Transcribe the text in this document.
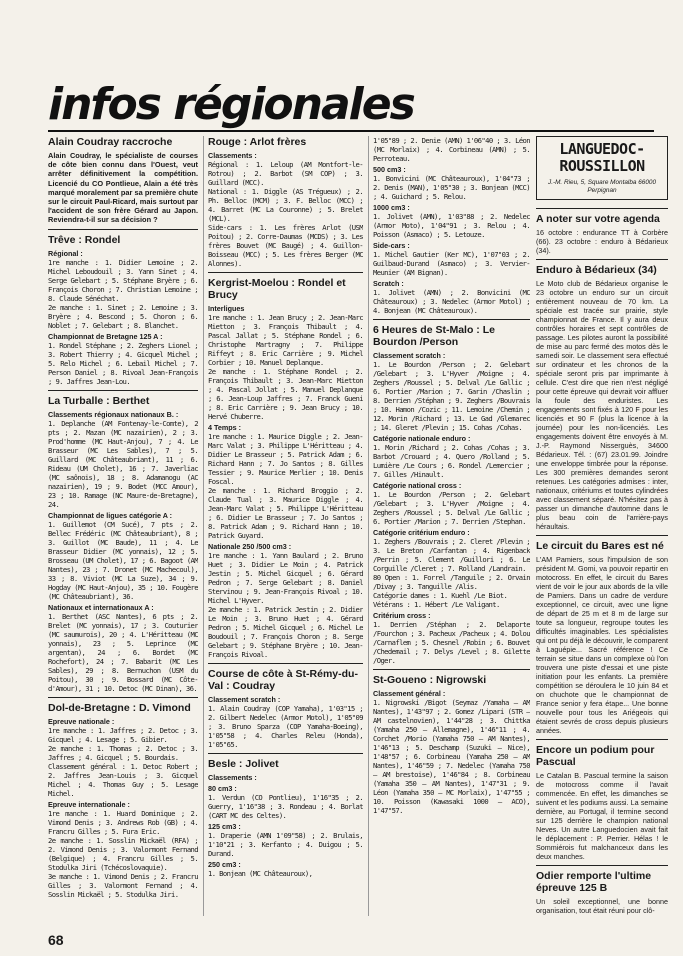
infos régionales
Alain Coudray raccroche

Alain Coudray, le spécialiste de courses de côte bien connu dans l'Ouest, veut arrêter définitivement la compétition. Licencié du CO Pontlieue, Alain a été très marqué moralement par sa première chute sur le circuit Paul-Ricard, mais surtout par l'accident de son frère Gérard au Japon. Reviendra-t-il sur sa décision ?

Trêve : Rondel
Régional :

1re manche : 1. Didier Lemoine ; 2. Michel Leboudouil ; 3. Yann Sinet ; 4. Serge Gelebart ; 5. Stéphane Bryère ; 6. François Choron ; 7. Christian Lemoine ; 8. Claude Sénéchat.

2e manche : 1. Sinet ; 2. Lemoine ; 3. Bryère ; 4. Bescond ; 5. Choron ; 6. Noblet ; 7. Gelebart ; 8. Blanchet.

Championnat de Bretagne 125 A :

1. Rondel Stéphane ; 2. Zeghers Lionel ; 3. Robert Thierry ; 4. Gicquel Michel ; 5. Relo Michel ; 6. Lebail Michel ; 7. Person Daniel ; 8. Rivoal Jean-François ; 9. Jaffres Jean-Lou.

La Turballe : Berthet
Classements régionaux nationaux B. :

1. Deplanche (AM Fontenay-le-Comte), 2 pts ; 2. Mazan (MC nazairien), 2 ; 3. Prod'homme (MC Haut-Anjou), 7 ; 4. Le Brasseur (MC Les Sables), 7 ; 5. Guillard (MC Châteaubriant), 11 ; 6. Rideau (UM Cholet), 16 ; 7. Javerliac (MC saônois), 18 ; 8. Adamanogu (AC nazairien), 19 ; 9. Bodet (MCC Amour), 23 ; 10. Ramage (NC Maure-de-Bretagne), 24.

Championnat de ligues catégorie A :

1. Guillemot (CM Sucé), 7 pts ; 2. Bellec Frédéric (MC Châteaubriant), 8 ; 3. Guillot (MC Baude), 11 ; 4. Le Brasseur Didier (MC yonnais), 12 ; 5. Brosseau (UM Cholet), 17 ; 6. Bagoot (AM Nantes), 23 ; 7. Dronet (MC Machecoul), 33 ; 8. Viviot (MC La Suze), 34 ; 9. Hogday (MC Haut-Anjou), 35 ; 10. Fougère (MC Châteaubriant), 36.

Nationaux et internationaux A :

1. Berthet (ASC Nantes), 6 pts ; 2. Brelet (MC yonnais), 17 ; 3. Couturier (MC saumurois), 20 ; 4. L'Héritteau (MC yonnais), 23 ; 5. Leprince (MC argentan), 24 ; 6. Bordet (MC Rochefort), 24 ; 7. Babarit (MC Les Sables), 29 ; 8. Bernuchon (USM du Poitou), 30 ; 9. Bossard (MC Côte-d'Amour), 31 ; 10. Detoc (MC Dinan), 36.

Dol-de-Bretagne : D. Vimond
Epreuve nationale :

1re manche : 1. Jaffres ; 2. Detoc ; 3. Gicquel ; 4. Lesage ; 5. Gibier.

2e manche : 1. Thomas ; 2. Detoc ; 3. Jaffres ; 4. Gicquel ; 5. Bourdais.

Classement général : 1. Detoc Robert ; 2. Jaffres Jean-Louis ; 3. Gicquel Michel ; 4. Thomas Guy ; 5. Lesage Michel.

Epreuve internationale :

1re manche : 1. Huard Dominique ; 2. Vimond Denis ; 3. Andrews Rob (GB) ; 4. Francru Gilles ; 5. Fura Eric.

2e manche : 1. Sosslin Mickaël (RFA) ; 2. Vimond Denis ; 3. Valormont Fernand (Belgique) ; 4. Francru Gilles ; 5. Stodulka Jiri (Tchécoslovaquie).

3e manche : 1. Vimond Denis ; 2. Francru Gilles ; 3. Valormont Fernand ; 4. Sosslin Mickaël ; 5. Stodulka Jiri.

Rouge : Arlot frères
Classements :

Régional : 1. Leloup (AM Montfort-le-Rotrou) ; 2. Barbot (SM COP) ; 3. Guillard (MCC).

National : 1. Diggle (AS Trégueux) ; 2. Ph. Belloc (MCM) ; 3. F. Belloc (MCC) ; 4. Barret (MC La Couronne) ; 5. Brelet (MCL).

Side-cars : 1. Les frères Arlot (USM Poitou) ; 2. Corre-Daumas (MCDS) ; 3. Les frères Bouvet (MC Baugé) ; 4. Guillon-Boisseau (MCC) ; 5. Les frères Berger (MC Alonnes).

Kergrist-Moelou : Rondel et Brucy
Interligues

1re manche : 1. Jean Brucy ; 2. Jean-Marc Mietton ; 3. François Thibault ; 4. Pascal Jallat ; 5. Stéphane Rondel ; 6. Christophe Martragny ; 7. Philippe Riffeyt ; 8. Eric Carrière ; 9. Michel Corbier ; 10. Manuel Deplanque.

2e manche : 1. Stéphane Rondel ; 2. François Thibault ; 3. Jean-Marc Mietton ; 4. Pascal Jollat ; 5. Manuel Deplanque ; 6. Jean-Loup Jaffres ; 7. Franck Gueni ; 8. Eric Carrière ; 9. Jean Brucy ; 10. Hervé Chuberre.

4 Temps :

1re manche : 1. Maurice Diggle ; 2. Jean-Marc Valat ; 3. Philippe L'Héritteau ; 4. Didier Le Brasseur ; 5. Patrick Adam ; 6. Richard Hann ; 7. Jo Santos ; 8. Gilles Tessier ; 9. Maurice Merlier ; 10. Denis Foscal.

2e manche : 1. Richard Broggio ; 2. Claude Tual ; 3. Maurice Diggle ; 4. Jean-Marc Valat ; 5. Philippe L'Héritteau ; 6. Didier Le Brasseur ; 7. Jo Santos ; 8. Patrick Adam ; 9. Richard Hann ; 10. Patrick Guyard.

Nationale 250 /500 cm3 :

1re manche : 1. Yann Baulard ; 2. Bruno Huet ; 3. Didier Le Moin ; 4. Patrick Jestin ; 5. Michel Gicquel ; 6. Gérard Pedron ; 7. Serge Gelebart ; 8. Daniel Stervinou ; 9. Jean-François Rivoal ; 10. Michel L'Hyver.

2e manche : 1. Patrick Jestin ; 2. Didier Le Moin ; 3. Bruno Huet ; 4. Gérard Pedron ; 5. Michel Gicquel ; 6. Michel Le Boudouil ; 7. François Choron ; 8. Serge Gelebart ; 9. Stéphane Bryère ; 10. Jean-François Rivoal.

Course de côte à St-Rémy-du-Val : Coudray
Classement scratch :

1. Alain Coudray (COP Yamaha), 1'03"15 ; 2. Gilbert Nedelec (Armor Motol), 1'05"09 ; 3. Bruno Sparza (COP Yamaha-Boeing), 1'05"58 ; 4. Charles Releu (Honda), 1'05"65.

Besle : Jolivet
Classements :
80 cm3 :

1. Verdun (CO Pontlieu), 1'16"35 ; 2. Guerry, 1'16"38 ; 3. Rondeau ; 4. Borlat (CART MC des Celtes).

125 cm3 :

1. Draperie (AMN 1'09"58) ; 2. Brulais, 1'10"21 ; 3. Kerfanto ; 4. Duigou ; 5. Durand.

250 cm3 :

1. Bonjean (MC Châteauroux),

1'05"89 ; 2. Denie (AMN) 1'06"40 ; 3. Léon (MC Morlaix) ; 4. Corbineau (AMN) ; 5. Perroteau.

500 cm3 :

1. Bonvicini (MC Châteauroux), 1'04"73 ; 2. Denis (MAN), 1'05"30 ; 3. Bonjean (MCC) ; 4. Guichard ; 5. Relou.

1000 cm3 :

1. Jolivet (AMN), 1'03"88 ; 2. Nedelec (Armor Moto), 1'04"91 ; 3. Relou ; 4. Poisson (Asmaco) ; 5. Letouze.

Side-cars :

1. Michel Gautier (Ker MC), 1'07"03 ; 2. Guilbaud-Durand (Asmaco) ; 3. Vervier-Meunier (AM Bignan).

Scratch :

1. Jolivet (AMN) ; 2. Bonvicini (MC Châteauroux) ; 3. Nedelec (Armor Motol) ; 4. Bonjean (MC Châteauroux).

6 Heures de St-Malo : Le Bourdon /Person
Classement scratch :

1. Le Bourdon /Person ; 2. Gelebart /Gelebart ; 3. L'Hyver /Moigne ; 4. Zeghers /Roussel ; 5. Delval /Le Gallic ; 6. Portier /Marion ; 7. Garin /Chaslin ; 8. Derrien /Stéphan ; 9. Zeghers /Bouvrais ; 10. Hamon /Cozic ; 11. Lemoine /Chemin ; 12. Morin /Richard ; 13. Le Gad /Glemarec ; 14. Gleret /Plevin ; 15. Cohas /Cohas.

Catégorie nationale enduro :

1. Morin /Richard ; 2. Cohas /Cohas ; 3. Barbot /Crouard ; 4. Quero /Rolland ; 5. Lumière /Le Cours ; 6. Rondel /Lemercier ; 7. Gilles /Hinault.

Catégorie national cross :

1. Le Bourdon /Person ; 2. Gelebart /Gelebart ; 3. L'Hyver /Moigne ; 4. Zeghers /Roussel ; 5. Delval /Le Gallic ; 6. Portier /Marion ; 7. Derrien /Stephan.

Catégorie critérium enduro :

1. Zeghers /Bouvrais ; 2. Cleret /Plevin ; 3. Le Breton /Carfantan ; 4. Rigenback /Perrin ; 5. Clement /Guillori ; 6. Le Corguille /Cleret ; 7. Rolland /Landrain.

80 Open : 1. Forrel /Tanguile ; 2. Orvain /Divay ; 3. Tanguille /Alis.

Catégorie dames : 1. Kuehl /Le Biot.

Vétérans : 1. Hébert /Le Valigant.

Critérium cross :

1. Derrien /Stéphan ; 2. Delaporte /Fourchon ; 3. Pacheux /Pacheux ; 4. Dolou /Carnaflem ; 5. Chesnel /Robin ; 6. Bouvet /Chedemail ; 7. Delys /Level ; 8. Gilette /Oger.

St-Goueno : Nigrowski
Classement général :

1. Nigrowski /Bigot (Seymaz /Yamaha — AM Nantes), 1'43"97 ; 2. Gomez /Lipari (STR — AM castelnovien), 1'44"28 ; 3. Chittka (Yamaha 250 — Allemagne), 1'46"11 ; 4. Corchet /Morio (Yamaha 750 — AM Nantes), 1'46"13 ; 5. Deschamp (Suzuki — Nice), 1'48"57 ; 6. Corbineau (Yamaha 250 — AM Nantes), 1'46"59 ; 7. Nedelec (Yamaha 750 — AM brestoise), 1'46"84 ; 8. Corbineau (Yamaha 350 — AM Nantes), 1'47"31 ; 9. Léon (Yamaha 350 — MC Morlaix), 1'47"55 ; 10. Poisson (Kawasaki 1000 — ACO), 1'47"57.

LANGUEDOC-ROUSSILLON
J.-M. Rieu, 5, Square Montalba 66000 Perpignan
A noter sur votre agenda

16 octobre : endurance TT à Corbère (66). 23 octobre : enduro à Bédarieux (34).

Enduro à Bédarieux (34)

Le Moto club de Bédarieux organise le 23 octobre un enduro sur un circuit entièrement nouveau de 70 km. La spéciale est tracée sur prairie, style championnat de France. Il y aura deux contrôles horaires et sept contrôles de passage. Les pilotes auront la possibilité de mise au parc fermé des motos dès le samedi soir. Le classement sera effectué sur ordinateur et les chronos de la spéciale seront pris par imprimante à cellule. C'est dire que rien n'est négligé pour cette épreuve qui devrait voir affluer la foule des enduristes. Les engagements sont fixés à 120 F pour les licenciés et 90 F (plus la licence à la journée) pour les non-licenciés. Les engagements doivent être envoyés à M. J.-P. Raymond Nisserguès, 34600 Bédarieux. Tél. : (67) 23.01.99. Joindre une enveloppe timbrée pour la réponse. Les 300 premières demandes seront retenues. Les catégories admises : inter, nationaux, critériums et toutes cylindrées avec classement séparé. N'hésitez pas à passer un dimanche d'automne dans le plus beau coin de l'arrière-pays héraultais.

Le circuit du Bares est né

L'AM Pamiers, sous l'impulsion de son président M. Gomi, va pouvoir repartir en motocross. En effet, le circuit du Bares vient de voir le jour aux abords de la ville de Pamiers. Dans un cadre de verdure exceptionnel, ce circuit, avec une ligne de départ de 25 m et 8 m de large sur toute sa longueur, regroupe toutes les difficultés imaginables. Les spécialistes qui ont pu déjà le découvrir, le comparent à Laguépie... Sacré référence ! Ce terrain se situe dans un complexe où l'on trouvera une piste d'essai et une piste initiation pour les enfants. La première compétition se déroulera le 10 juin 84 et on chuchote que le championnat de France senior y fera étape... Une bonne nouvelle pour tous les Ariégeois qui étaient sevrés de cross depuis plusieurs années.

Encore un podium pour Pascual

Le Catalan B. Pascual termine la saison de motocross comme il l'avait commencée. En effet, les dimanches se suivent et les podiums aussi. La semaine dernière, au Portugal, il termine second sur 125 derrière le champion national Neves. Un autre Languedocien avait fait le déplacement : P. Perrier. Hélas ! le Sommiérois fut malchanceux dans les deux manches.

Odier remporte l'ultime épreuve 125 B

Un soleil exceptionnel, une bonne organisation, tout était réuni pour clô-

68
